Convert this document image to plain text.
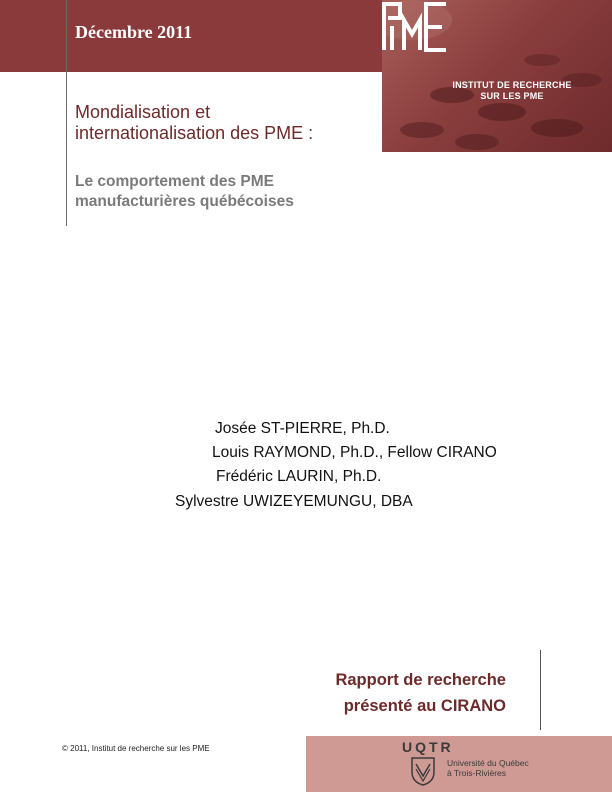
Décembre 2011
INSTITUT DE RECHERCHE
SUR LES PME
Mondialisation et
internationalisation des PME :
Le comportement des PME
manufacturières québécoises
Josée ST-PIERRE, Ph.D.
Louis RAYMOND, Ph.D., Fellow CIRANO
Frédéric LAURIN, Ph.D.
Sylvestre UWIZEYEMUNGU, DBA
Rapport de recherche
présenté au CIRANO
© 2011, Institut de recherche sur les PME	UQTR
Université du Québec
à Trois-Rivières
